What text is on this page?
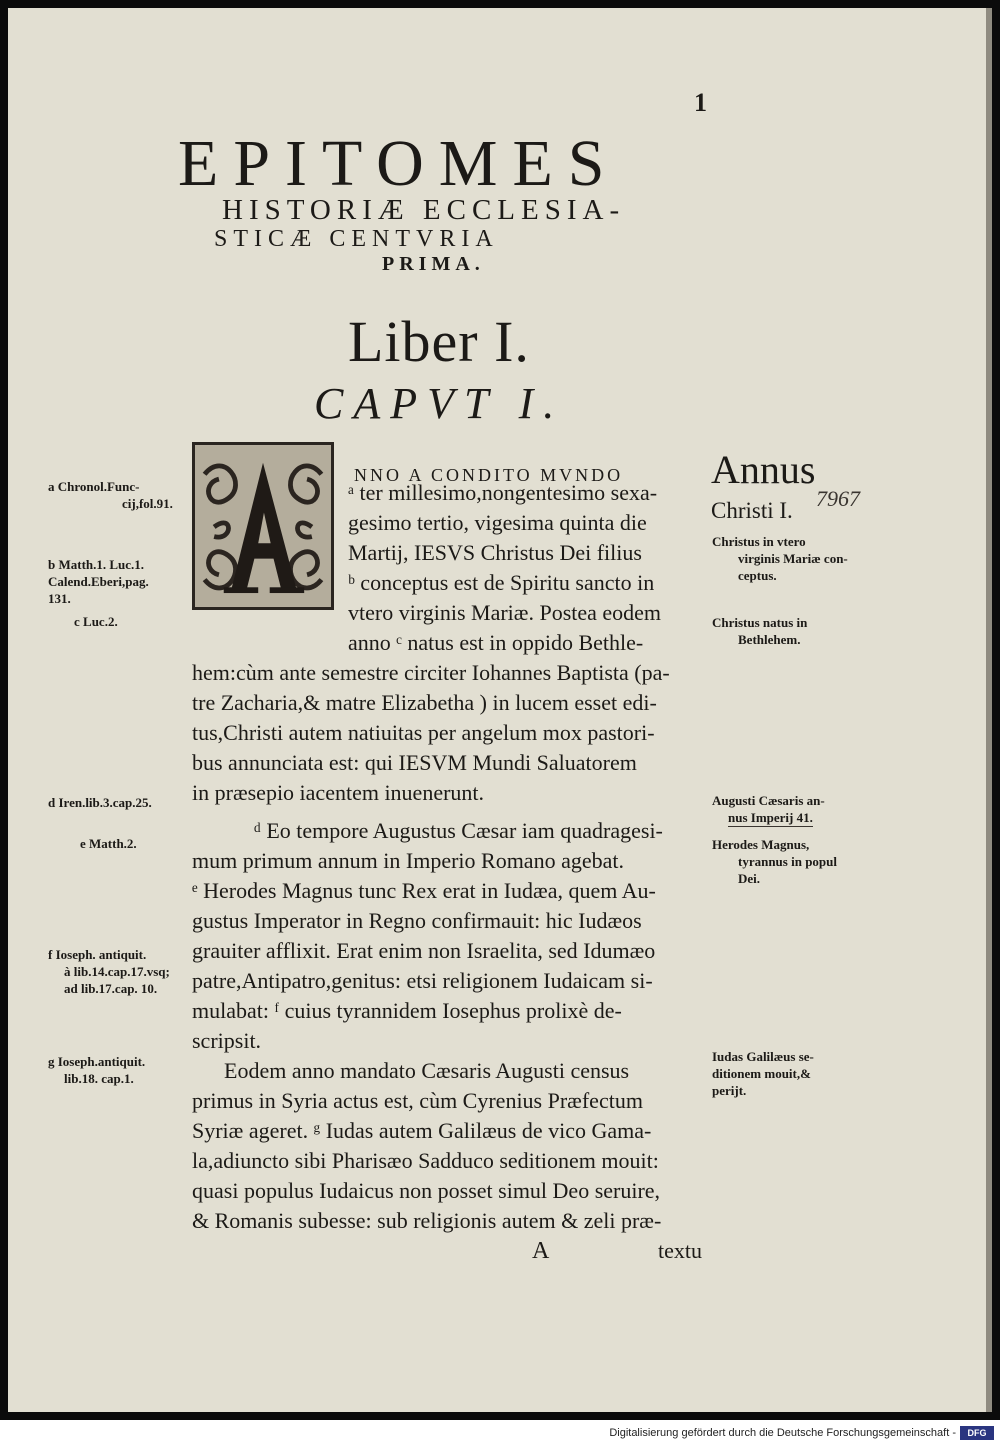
1
EPITOMES
HISTORIÆ ECCLESIA-
STICÆ CENTVRIA
PRIMA.
Liber I.
CAPVT I.
Annus
Christi I. 7967
NNO A CONDITO MVNDO
ᵃ ter millesimo,nongentesimo sexa-
gesimo tertio, vigesima quinta die
Martij, IESVS Christus Dei filius
ᵇ conceptus est de Spiritu sancto in
vtero virginis Mariæ. Postea eodem
anno ᶜ natus est in oppido Bethle-
hem:cùm ante semestre circiter Iohannes Baptista (pa-
tre Zacharia,& matre Elizabetha ) in lucem esset edi-
tus,Christi autem natiuitas per angelum mox pastori-
bus annunciata est: qui IESVM Mundi Saluatorem
in præsepio iacentem inuenerunt.
ᵈ Eo tempore Augustus Cæsar iam quadragesi-
mum primum annum in Imperio Romano agebat.
ᵉ Herodes Magnus tunc Rex erat in Iudæa, quem Au-
gustus Imperator in Regno confirmauit: hic Iudæos
grauiter afflixit. Erat enim non Israelita, sed Idumæo
patre,Antipatro,genitus: etsi religionem Iudaicam si-
mulabat: ᶠ cuius tyrannidem Iosephus prolixè de-
scripsit.
Eodem anno mandato Cæsaris Augusti census
primus in Syria actus est, cùm Cyrenius Præfectum
Syriæ ageret. ᵍ Iudas autem Galilæus de vico Gama-
la,adiuncto sibi Pharisæo Sadduco seditionem mouit:
quasi populus Iudaicus non posset simul Deo seruire,
& Romanis subesse: sub religionis autem & zeli præ-
A	textu
a Chronol.Func-
cij,fol.91.
b Matth.1. Luc.1.
Calend.Eberi,pag.
131.
c Luc.2.
d Iren.lib.3.cap.25.
e Matth.2.
f Ioseph. antiquit.
à lib.14.cap.17.vsq;
ad lib.17.cap. 10.
g Ioseph.antiquit.
lib.18. cap.1.
Christus in vtero
virginis Mariæ con-
ceptus.
Christus natus in
Bethlehem.
Augusti Cæsaris an-
nus Imperij 41.
Herodes Magnus,
tyrannus in popul
Dei.
Iudas Galilæus se-
ditionem mouit,&
perijt.
Digitalisierung gefördert durch die Deutsche Forschungsgemeinschaft -	DFG
